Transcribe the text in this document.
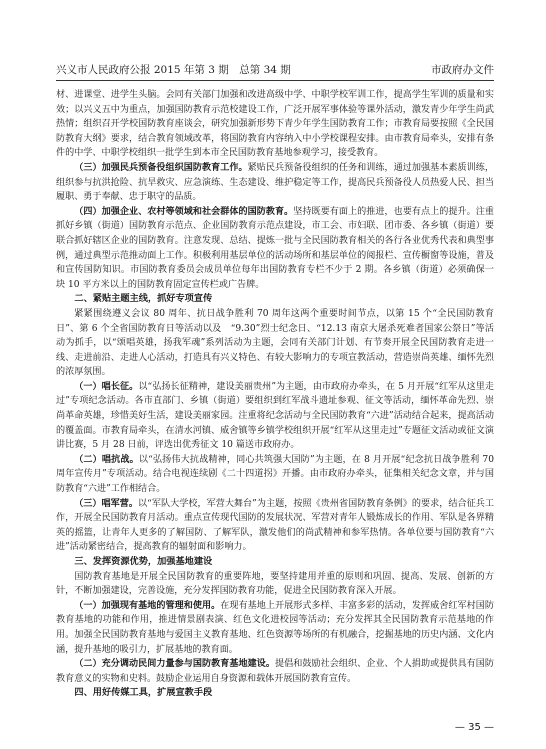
兴义市人民政府公报 2015 年第 3 期　总第 34 期	市政府办文件

材、进课堂、进学生头脑。会同有关部门加强和改进高级中学、中职学校军训工作，提高学生军训的质量和实效；以兴义五中为重点，加强国防教育示范校建设工作，广泛开展军事体验等课外活动，激发青少年学生尚武热情；组织召开学校国防教育座谈会，研究加强新形势下青少年学生国防教育工作；市教育局要按照《全民国防教育大纲》要求，结合教育领域改革，将国防教育内容纳入中小学校课程安排。由市教育局牵头，安排有条件的中学、中职学校组织一批学生到本市全民国防教育基地参观学习，接受教育。

（三）加强民兵预备役组织国防教育工作。紧贴民兵预备役组织的任务和训练，通过加强基本素质训练，组织参与抗洪抢险、抗旱救灾、应急演练、生态建设、维护稳定等工作，提高民兵预备役人员热爱人民、担当履职、勇于奉献、忠于职守的品质。

（四）加强企业、农村等领域和社会群体的国防教育。坚持既要有面上的推进，也要有点上的提升。注重抓好乡镇（街道）国防教育示范点、企业国防教育示范点建设，市工会、市妇联、团市委、各乡镇（街道）要联合抓好辖区企业的国防教育。注意发现、总结、提炼一批与全民国防教育相关的各行各业优秀代表和典型事例，通过典型示范推动面上工作。积极利用基层单位的活动场所和基层单位的阅报栏、宣传橱窗等设施，普及和宣传国防知识。市国防教育委员会成员单位每年出国防教育专栏不少于 2 期。各乡镇（街道）必须确保一块 10 平方米以上的国防教育固定宣传栏或广告牌。

二、紧贴主题主线，抓好专项宣传

紧紧围绕遵义会议 80 周年、抗日战争胜利 70 周年这两个重要时间节点，以第 15 个“全民国防教育日”、第 6 个全省国防教育日等活动以及　“9.30”烈士纪念日、“12.13 南京大屠杀死难者国家公祭日”等活动为抓手，以“颂唱英雄，扬我军魂”系列活动为主题，会同有关部门计划、有节奏开展全民国防教育走进一线、走进前沿、走进人心活动，打造具有兴义特色、有较大影响力的专项宣教活动，营造崇尚英雄、缅怀先烈的浓厚氛围。

（一）唱长征。以“弘扬长征精神，建设美丽贵州”为主题，由市政府办牵头，在 5 月开展“红军从这里走过”专项纪念活动。各市直部门、乡镇（街道）要组织到红军战斗遗址参观、征文等活动，缅怀革命先烈、崇尚革命英雄，珍惜美好生活，建设美丽家园。注重将纪念活动与全民国防教育“六进”活动结合起来，提高活动的覆盖面。市教育局牵头，在清水河镇、威舍镇等乡镇学校组织开展“红军从这里走过”专题征文活动或征文演讲比赛，5 月 28 日前，评选出优秀征文 10 篇送市政府办。

（二）唱抗战。以“弘扬伟大抗战精神，同心共筑强大国防”为主题，在 8 月开展“纪念抗日战争胜利 70 周年宣传月”专项活动。结合电视连续剧《二十四道拐》开播。由市政府办牵头，征集相关纪念文章，并与国防教育“六进”工作相结合。

（三）唱军营。以“军队大学校，军营大舞台”为主题，按照《贵州省国防教育条例》的要求，结合征兵工作，开展全民国防教育月活动。重点宣传现代国防的发展状况、军营对青年人锻炼成长的作用、军队是各界精英的摇篮，让青年人更多的了解国防、了解军队，激发他们的尚武精神和参军热情。各单位要与国防教育“六进”活动紧密结合，提高教育的辐射面和影响力。

三、发挥资源优势，加强基地建设

国防教育基地是开展全民国防教育的重要阵地，要坚持建用并重的原则和巩固、提高、发展、创新的方针，不断加强建设，完善设施，充分发挥国防教育功能，促进全民国防教育深入开展。

（一）加强现有基地的管理和使用。在现有基地上开展形式多样、丰富多彩的活动，发挥威舍红军村国防教育基地的功能和作用，推进情景剧表演、红色文化进校园等活动；充分发挥其全民国防教育示范基地的作用。加强全民国防教育基地与爱国主义教育基地、红色资源等场所的有机融合，挖掘基地的历史内涵、文化内涵，提升基地的吸引力，扩展基地的教育面。

（二）充分调动民间力量参与国防教育基地建设。提倡和鼓励社会组织、企业、个人捐助或提供具有国防教育意义的实物和史料。鼓励企业运用自身资源和载体开展国防教育宣传。

四、用好传媒工具，扩展宣教手段
— 35 —
